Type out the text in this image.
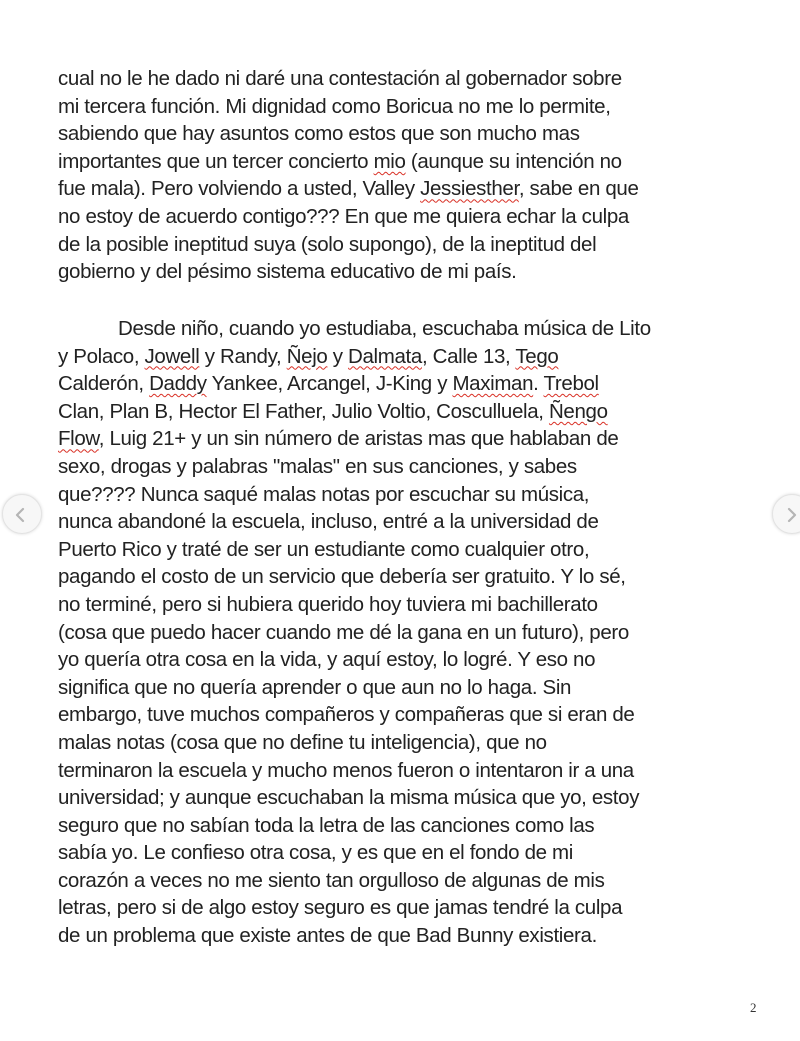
cual no le he dado ni daré una contestación al gobernador sobre
mi tercera función. Mi dignidad como Boricua no me lo permite,
sabiendo que hay asuntos como estos que son mucho mas
importantes que un tercer concierto mio (aunque su intención no
fue mala). Pero volviendo a usted, Valley Jessiesther, sabe en que
no estoy de acuerdo contigo??? En que me quiera echar la culpa
de la posible ineptitud suya (solo supongo), de la ineptitud del
gobierno y del pésimo sistema educativo de mi país.
Desde niño, cuando yo estudiaba, escuchaba música de Lito
y Polaco, Jowell y Randy, Ñejo y Dalmata, Calle 13, Tego
Calderón, Daddy Yankee, Arcangel, J-King y Maximan. Trebol
Clan, Plan B, Hector El Father, Julio Voltio, Cosculluela, Ñengo
Flow, Luig 21+ y un sin número de aristas mas que hablaban de
sexo, drogas y palabras "malas" en sus canciones, y sabes
que???? Nunca saqué malas notas por escuchar su música,
nunca abandoné la escuela, incluso, entré a la universidad de
Puerto Rico y traté de ser un estudiante como cualquier otro,
pagando el costo de un servicio que debería ser gratuito. Y lo sé,
no terminé, pero si hubiera querido hoy tuviera mi bachillerato
(cosa que puedo hacer cuando me dé la gana en un futuro), pero
yo quería otra cosa en la vida, y aquí estoy, lo logré. Y eso no
significa que no quería aprender o que aun no lo haga. Sin
embargo, tuve muchos compañeros y compañeras que si eran de
malas notas (cosa que no define tu inteligencia), que no
terminaron la escuela y mucho menos fueron o intentaron ir a una
universidad; y aunque escuchaban la misma música que yo, estoy
seguro que no sabían toda la letra de las canciones como las
sabía yo. Le confieso otra cosa, y es que en el fondo de mi
corazón a veces no me siento tan orgulloso de algunas de mis
letras, pero si de algo estoy seguro es que jamas tendré la culpa
de un problema que existe antes de que Bad Bunny existiera.
2
